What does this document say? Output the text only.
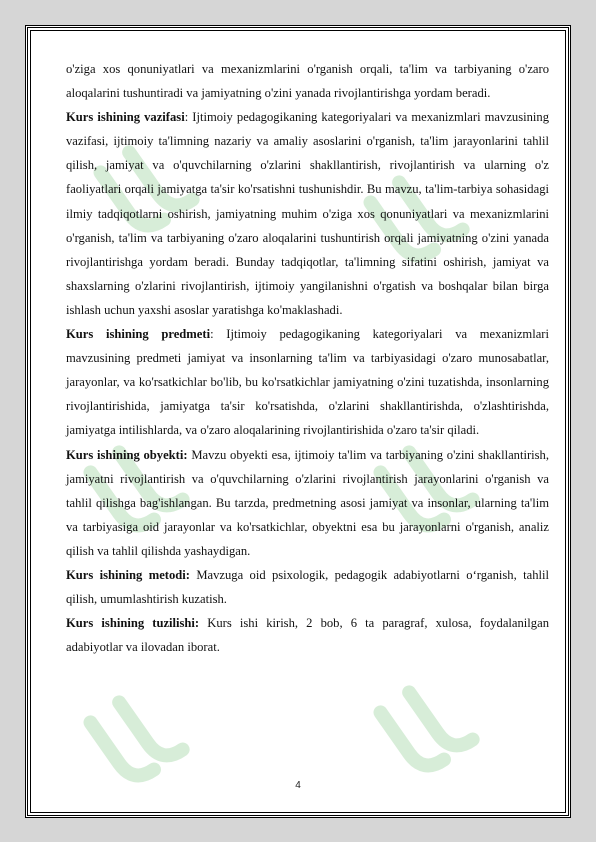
o'ziga xos qonuniyatlari va mexanizmlarini o'rganish orqali, ta'lim va tarbiyaning o'zaro aloqalarini tushuntiradi va jamiyatning o'zini yanada rivojlantirishga yordam beradi.

Kurs ishining vazifasi: Ijtimoiy pedagogikaning kategoriyalari va mexanizmlari mavzusining vazifasi, ijtimoiy ta'limning nazariy va amaliy asoslarini o'rganish, ta'lim jarayonlarini tahlil qilish, jamiyat va o'quvchilarning o'zlarini shakllantirish, rivojlantirish va ularning o'z faoliyatlari orqali jamiyatga ta'sir ko'rsatishni tushunishdir. Bu mavzu, ta'lim-tarbiya sohasidagi ilmiy tadqiqotlarni oshirish, jamiyatning muhim o'ziga xos qonuniyatlari va mexanizmlarini o'rganish, ta'lim va tarbiyaning o'zaro aloqalarini tushuntirish orqali jamiyatning o'zini yanada rivojlantirishga yordam beradi. Bunday tadqiqotlar, ta'limning sifatini oshirish, jamiyat va shaxslarning o'zlarini rivojlantirish, ijtimoiy yangilanishni o'rgatish va boshqalar bilan birga ishlash uchun yaxshi asoslar yaratishga ko'maklashadi.

Kurs ishining predmeti: Ijtimoiy pedagogikaning kategoriyalari va mexanizmlari mavzusining predmeti jamiyat va insonlarning ta'lim va tarbiyasidagi o'zaro munosabatlar, jarayonlar, va ko'rsatkichlar bo'lib, bu ko'rsatkichlar jamiyatning o'zini tuzatishda, insonlarning rivojlantirishida, jamiyatga ta'sir ko'rsatishda, o'zlarini shakllantirishda, o'zlashtirishda, jamiyatga intilishlarda, va o'zaro aloqalarining rivojlantirishida o'zaro ta'sir qiladi.

Kurs ishining obyekti: Mavzu obyekti esa, ijtimoiy ta'lim va tarbiyaning o'zini shakllantirish, jamiyatni rivojlantirish va o'quvchilarning o'zlarini rivojlantirish jarayonlarini o'rganish va tahlil qilishga bag'ishlangan. Bu tarzda, predmetning asosi jamiyat va insonlar, ularning ta'lim va tarbiyasiga oid jarayonlar va ko'rsatkichlar, obyektni esa bu jarayonlarni o'rganish, analiz qilish va tahlil qilishda yashaydigan.

Kurs ishining metodi: Mavzuga oid psixologik, pedagogik adabiyotlarni o‘rganish, tahlil qilish, umumlashtirish kuzatish.

Kurs ishining tuzilishi: Kurs ishi kirish, 2 bob, 6 ta paragraf, xulosa, foydalanilgan adabiyotlar va ilovadan iborat.

4
